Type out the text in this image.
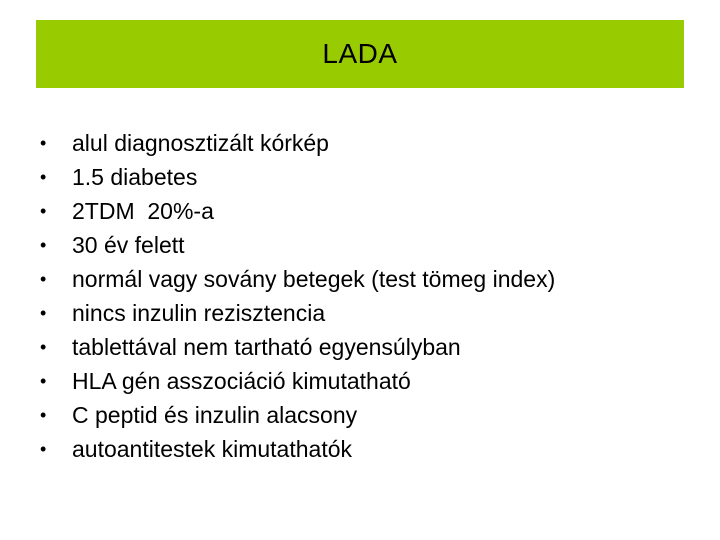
LADA
•	alul diagnosztizált kórkép
•	1.5 diabetes
•	2TDM  20%-a
•	30 év felett
•	normál vagy sovány betegek (test tömeg index)
•	nincs inzulin rezisztencia
•	tablettával nem tartható egyensúlyban
•	HLA gén asszociáció kimutatható
•	C peptid és inzulin alacsony
•	autoantitestek kimutathatók
